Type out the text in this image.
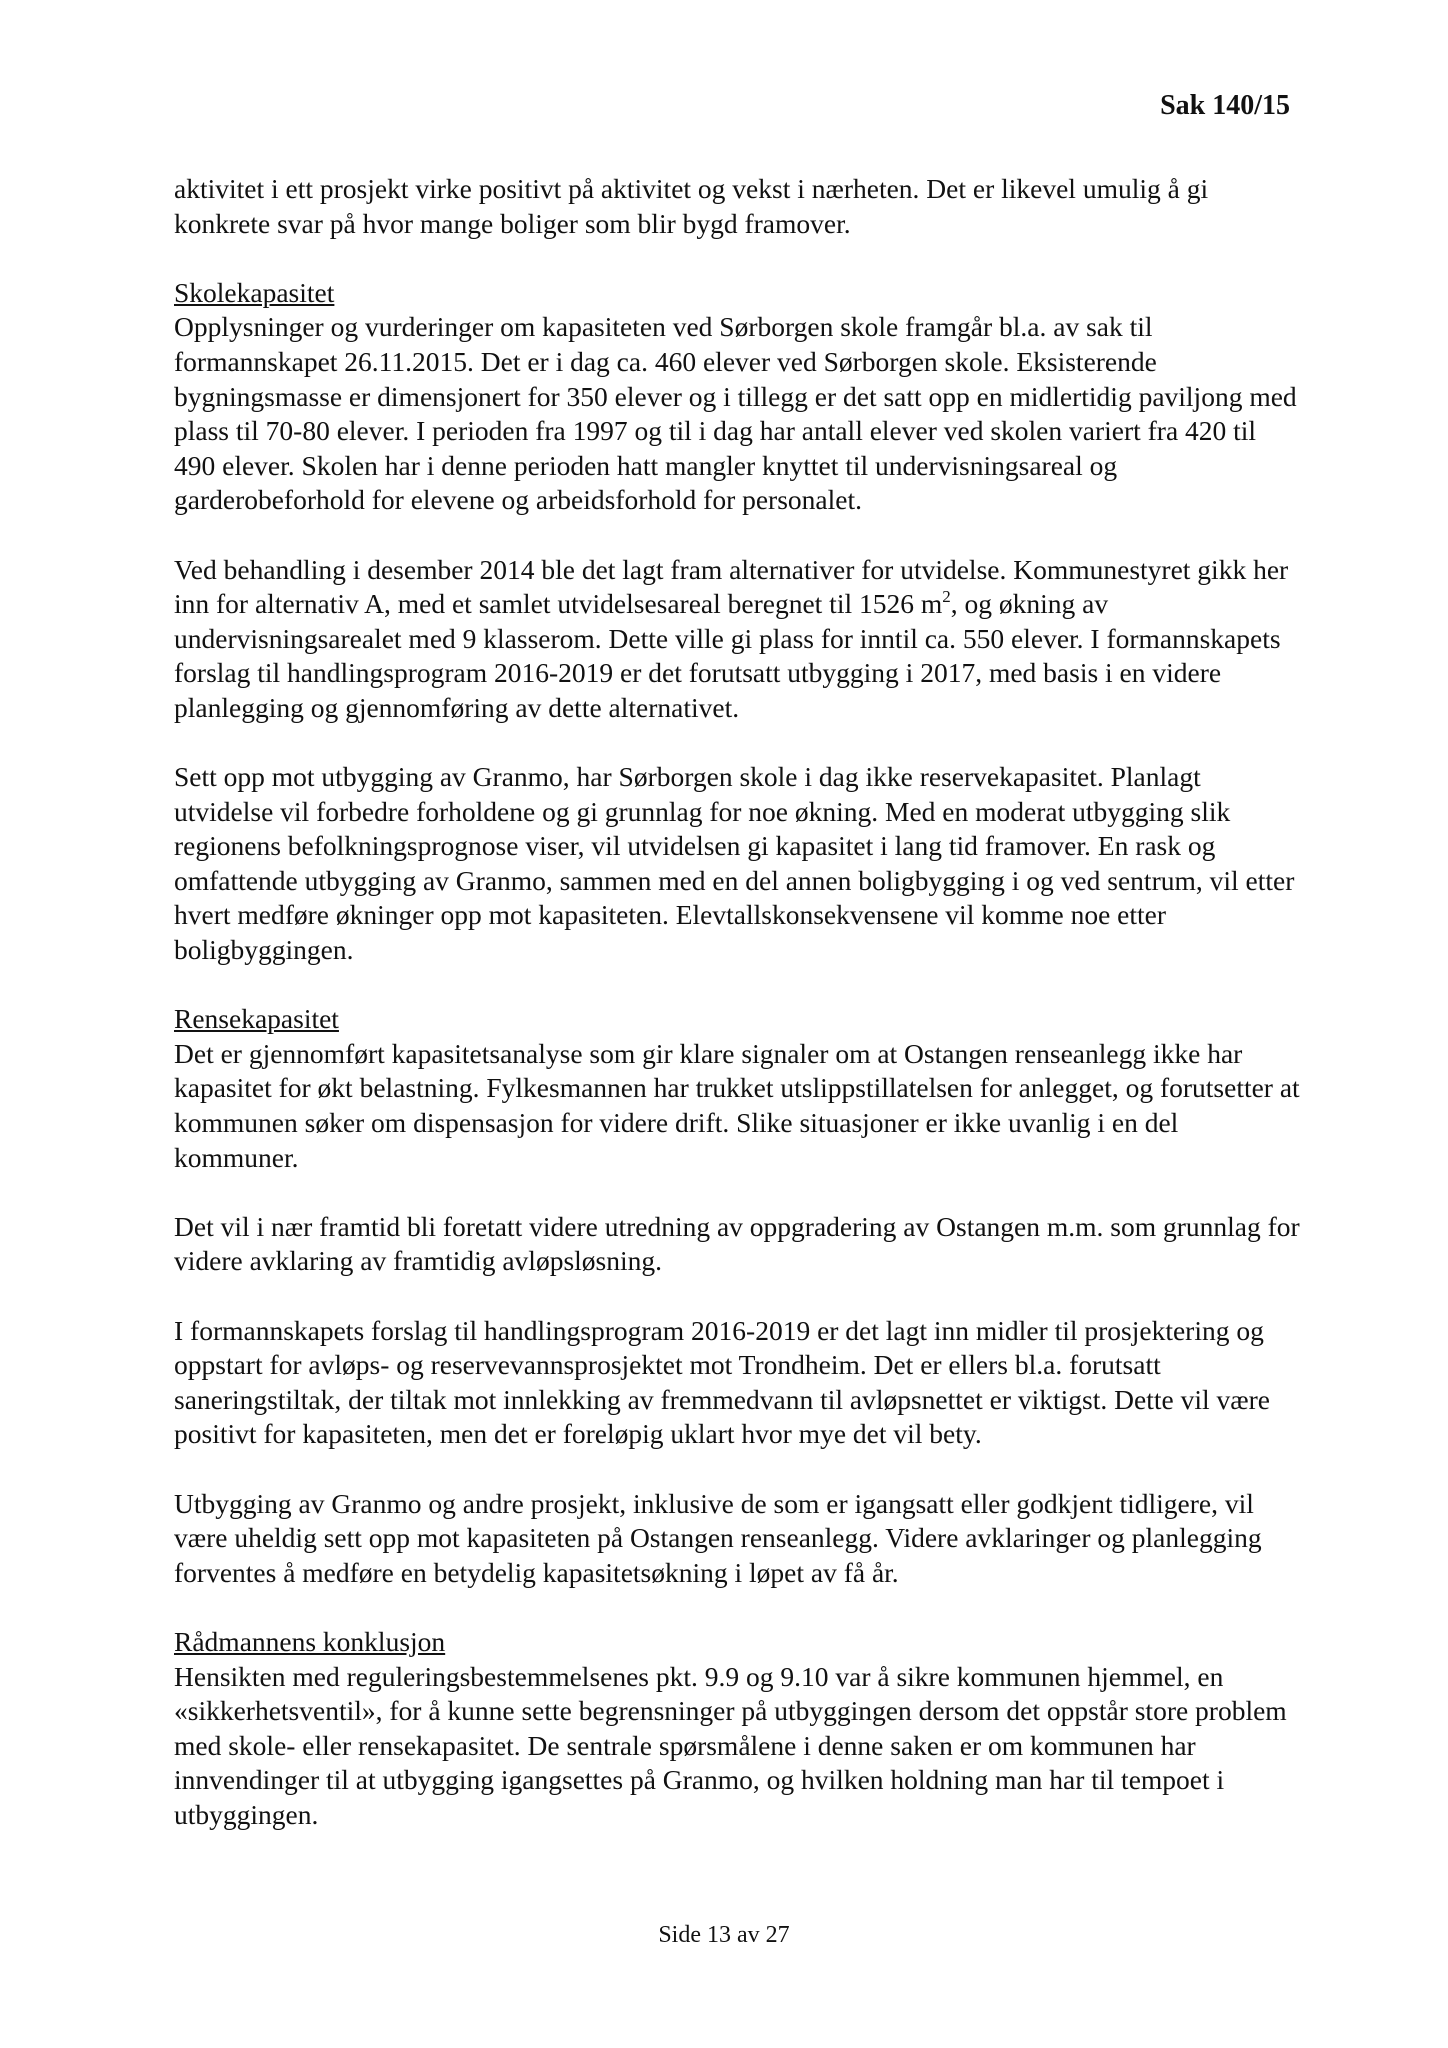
Sak 140/15

aktivitet i ett prosjekt virke positivt på aktivitet og vekst i nærheten. Det er likevel umulig å gi konkrete svar på hvor mange boliger som blir bygd framover.

Skolekapasitet

Opplysninger og vurderinger om kapasiteten ved Sørborgen skole framgår bl.a. av sak til formannskapet 26.11.2015. Det er i dag ca. 460 elever ved Sørborgen skole. Eksisterende bygningsmasse er dimensjonert for 350 elever og i tillegg er det satt opp en midlertidig paviljong med plass til 70-80 elever. I perioden fra 1997 og til i dag har antall elever ved skolen variert fra 420 til 490 elever. Skolen har i denne perioden hatt mangler knyttet til undervisningsareal og garderobeforhold for elevene og arbeidsforhold for personalet.

Ved behandling i desember 2014 ble det lagt fram alternativer for utvidelse. Kommunestyret gikk her inn for alternativ A, med et samlet utvidelsesareal beregnet til 1526 $m^2$, og økning av undervisningsarealet med 9 klasserom. Dette ville gi plass for inntil ca. 550 elever. I formannskapets forslag til handlingsprogram 2016-2019 er det forutsatt utbygging i 2017, med basis i en videre planlegging og gjennomføring av dette alternativet.

Sett opp mot utbygging av Granmo, har Sørborgen skole i dag ikke reservekapasitet. Planlagt utvidelse vil forbedre forholdene og gi grunnlag for noe økning. Med en moderat utbygging slik regionens befolkningsprognose viser, vil utvidelsen gi kapasitet i lang tid framover. En rask og omfattende utbygging av Granmo, sammen med en del annen boligbygging i og ved sentrum, vil etter hvert medføre økninger opp mot kapasiteten. Elevtallskonsekvensene vil komme noe etter boligbyggingen.

Rensekapasitet

Det er gjennomført kapasitetsanalyse som gir klare signaler om at Ostangen renseanlegg ikke har kapasitet for økt belastning. Fylkesmannen har trukket utslippstillatelsen for anlegget, og forutsetter at kommunen søker om dispensasjon for videre drift. Slike situasjoner er ikke uvanlig i en del kommuner.

Det vil i nær framtid bli foretatt videre utredning av oppgradering av Ostangen m.m. som grunnlag for videre avklaring av framtidig avløpsløsning.

I formannskapets forslag til handlingsprogram 2016-2019 er det lagt inn midler til prosjektering og oppstart for avløps- og reservevannsprosjektet mot Trondheim. Det er ellers bl.a. forutsatt saneringstiltak, der tiltak mot innlekking av fremmedvann til avløpsnettet er viktigst. Dette vil være positivt for kapasiteten, men det er foreløpig uklart hvor mye det vil bety.

Utbygging av Granmo og andre prosjekt, inklusive de som er igangsatt eller godkjent tidligere, vil være uheldig sett opp mot kapasiteten på Ostangen renseanlegg. Videre avklaringer og planlegging forventes å medføre en betydelig kapasitetsøkning i løpet av få år.

Rådmannens konklusjon

Hensikten med reguleringsbestemmelsenes pkt. 9.9 og 9.10 var å sikre kommunen hjemmel, en «sikkerhetsventil», for å kunne sette begrensninger på utbyggingen dersom det oppstår store problem med skole- eller rensekapasitet. De sentrale spørsmålene i denne saken er om kommunen har innvendinger til at utbygging igangsettes på Granmo, og hvilken holdning man har til tempoet i utbyggingen.

Side 13 av 27
